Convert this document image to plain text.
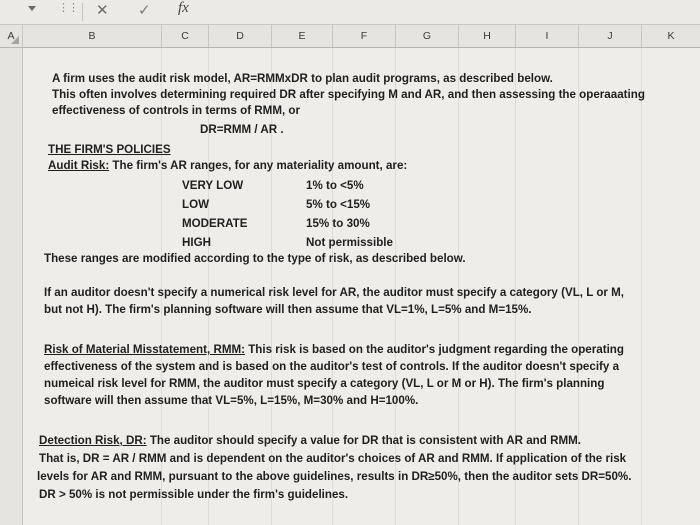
⋮⋮ ✕ ✓ fx
A	B	C	D	E	F	G	H	I	J	K
A firm uses the audit risk model, AR=RMMxDR to plan audit programs, as described below.
This often involves determining required DR after specifying M and AR, and then assessing the operaaating
effectiveness of controls in terms of RMM, or
DR=RMM / AR .
THE FIRM'S POLICIES
Audit Risk: The firm's AR ranges, for any materiality amount, are:
VERY LOW	1% to <5%
LOW	5% to <15%
MODERATE	15% to 30%
HIGH	Not permissible
These ranges are modified according to the type of risk, as described below.
If an auditor doesn't specify a numerical risk level for AR, the auditor must specify a category (VL, L or M,
but not H). The firm's planning software will then assume that VL=1%, L=5% and M=15%.
Risk of Material Misstatement, RMM: This risk is based on the auditor's judgment regarding the operating
effectiveness of the system and is based on the auditor's test of controls. If the auditor doesn't specify a
numeical risk level for RMM, the auditor must specify a category (VL, L or M or H). The firm's planning
software will then assume that VL=5%, L=15%, M=30% and H=100%.
Detection Risk, DR: The auditor should specify a value for DR that is consistent with AR and RMM.
That is, DR = AR / RMM and is dependent on the auditor's choices of AR and RMM. If application of the risk
levels for AR and RMM, pursuant to the above guidelines, results in DR≥50%, then the auditor sets DR=50%.
DR > 50% is not permissible under the firm's guidelines.
